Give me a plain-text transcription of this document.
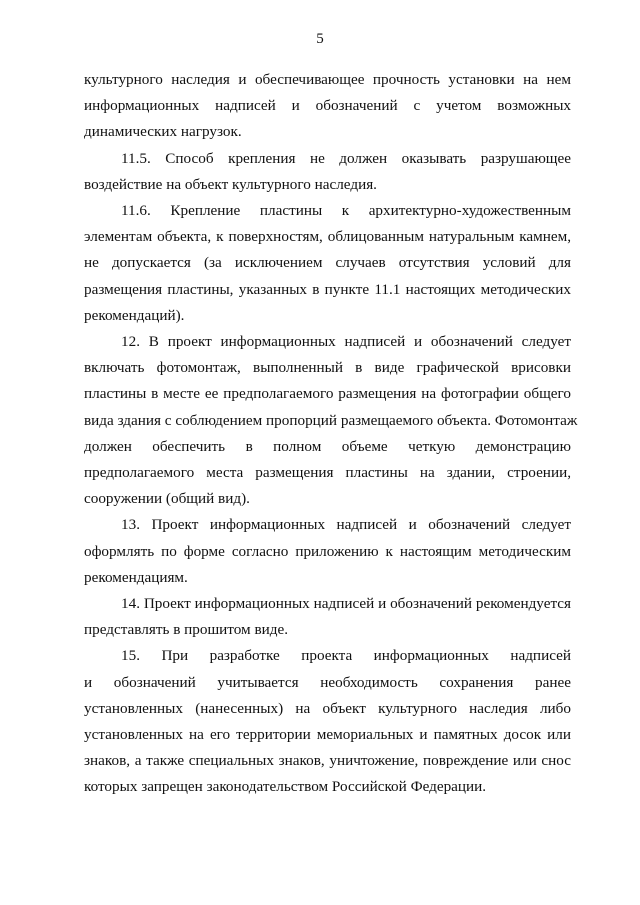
5
культурного наследия и обеспечивающее прочность установки на нем
информационных надписей и обозначений с учетом возможных
динамических нагрузок.
11.5. Способ крепления не должен оказывать разрушающее
воздействие на объект культурного наследия.
11.6. Крепление пластины к архитектурно-художественным
элементам объекта, к поверхностям, облицованным натуральным камнем,
не допускается (за исключением случаев отсутствия условий для
размещения пластины, указанных в пункте 11.1 настоящих методических
рекомендаций).
12. В проект информационных надписей и обозначений следует
включать фотомонтаж, выполненный в виде графической врисовки
пластины в месте ее предполагаемого размещения на фотографии общего
вида здания с соблюдением пропорций размещаемого объекта. Фотомонтаж
должен обеспечить в полном объеме четкую демонстрацию
предполагаемого места размещения пластины на здании, строении,
сооружении (общий вид).
13. Проект информационных надписей и обозначений следует
оформлять по форме согласно приложению к настоящим методическим
рекомендациям.
14. Проект информационных надписей и обозначений рекомендуется
представлять в прошитом виде.
15. При разработке проекта информационных надписей
и обозначений учитывается необходимость сохранения ранее
установленных (нанесенных) на объект культурного наследия либо
установленных на его территории мемориальных и памятных досок или
знаков, а также специальных знаков, уничтожение, повреждение или снос
которых запрещен законодательством Российской Федерации.
